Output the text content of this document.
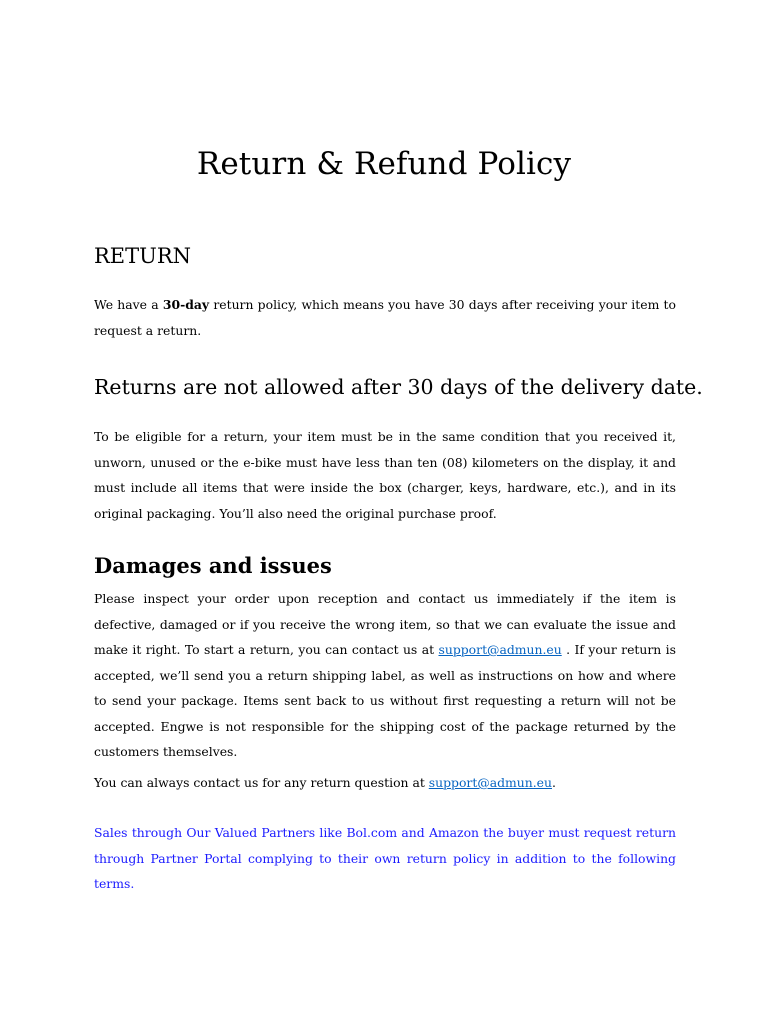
Return & Refund Policy
RETURN

We have a 30-day return policy, which means you have 30 days after receiving your item to request a return.

Returns are not allowed after 30 days of the delivery date.

To be eligible for a return, your item must be in the same condition that you received it, unworn, unused or the e-bike must have less than ten (08) kilometers on the display, it and must include all items that were inside the box (charger, keys, hardware, etc.), and in its original packaging. You’ll also need the original purchase proof.

Damages and issues

Please inspect your order upon reception and contact us immediately if the item is defective, damaged or if you receive the wrong item, so that we can evaluate the issue and make it right. To start a return, you can contact us at support@admun.eu . If your return is accepted, we’ll send you a return shipping label, as well as instructions on how and where to send your package. Items sent back to us without first requesting a return will not be accepted. Engwe is not responsible for the shipping cost of the package returned by the customers themselves.

You can always contact us for any return question at support@admun.eu.

Sales through Our Valued Partners like Bol.com and Amazon the buyer must request return through Partner Portal complying to their own return policy in addition to the following terms.
